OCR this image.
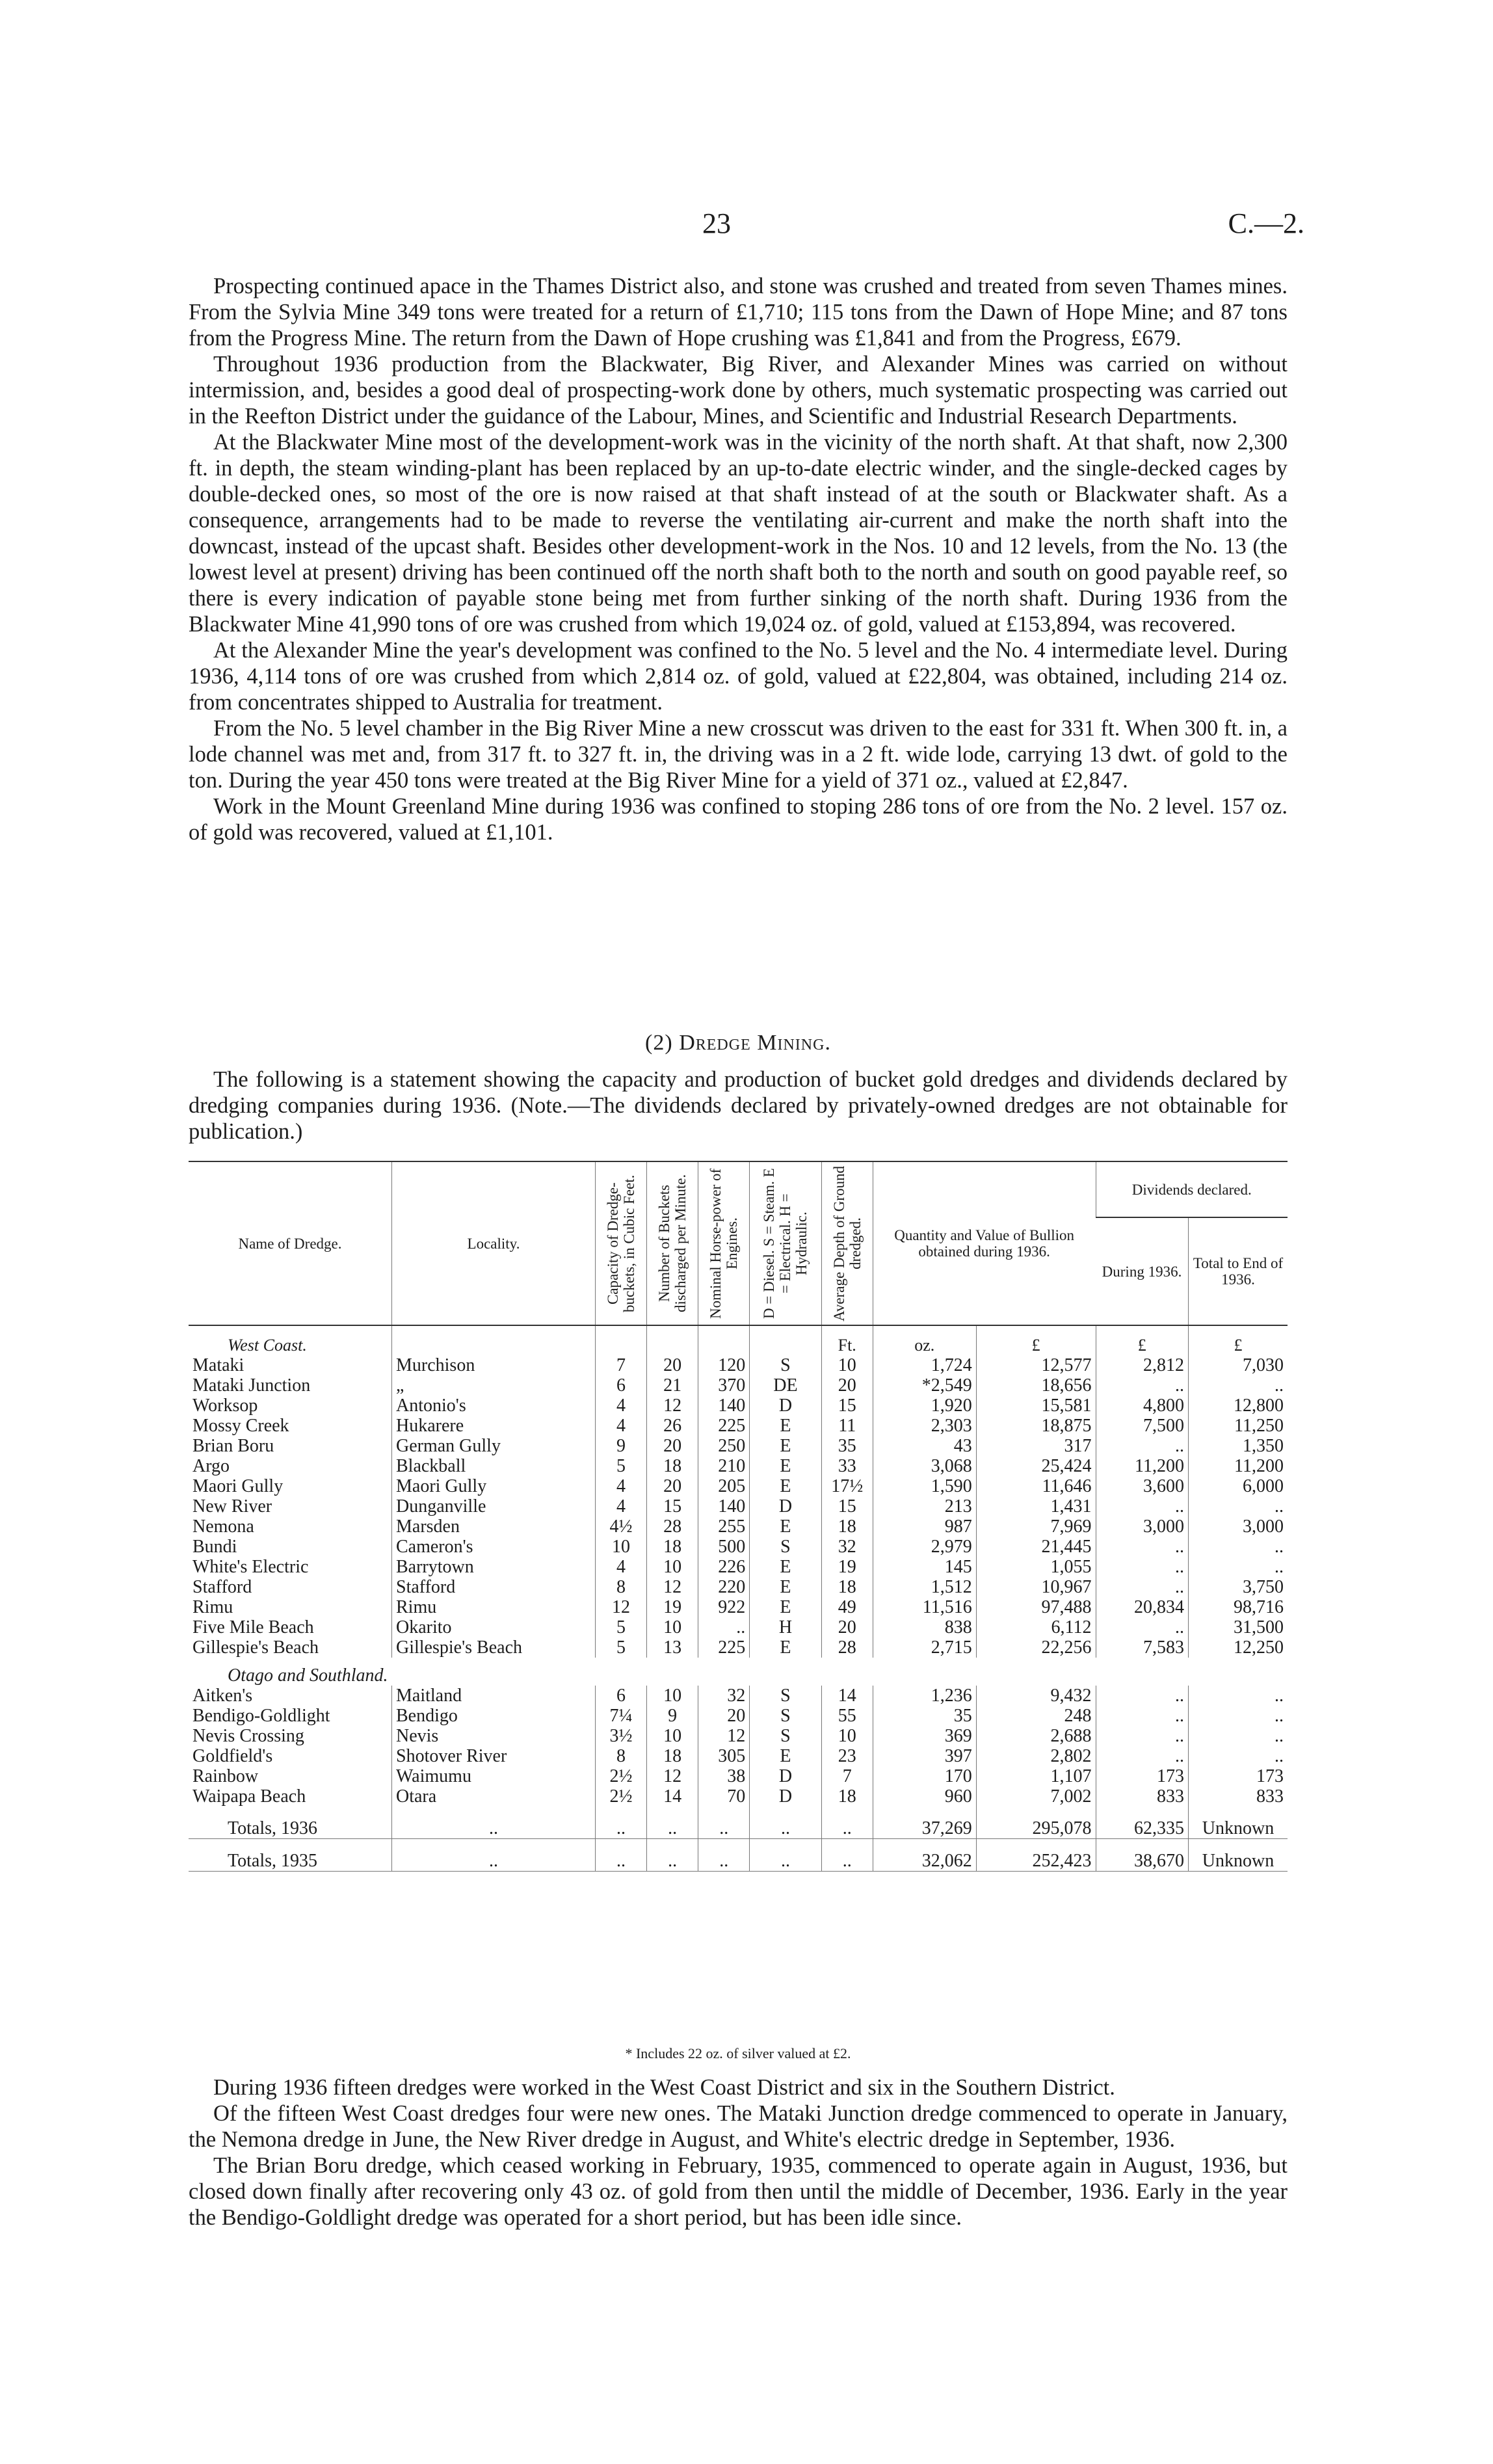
23	C.—2.

Prospecting continued apace in the Thames District also, and stone was crushed and treated from seven Thames mines. From the Sylvia Mine 349 tons were treated for a return of £1,710; 115 tons from the Dawn of Hope Mine; and 87 tons from the Progress Mine. The return from the Dawn of Hope crushing was £1,841 and from the Progress, £679.

Throughout 1936 production from the Blackwater, Big River, and Alexander Mines was carried on without intermission, and, besides a good deal of prospecting-work done by others, much systematic prospecting was carried out in the Reefton District under the guidance of the Labour, Mines, and Scientific and Industrial Research Departments.

At the Blackwater Mine most of the development-work was in the vicinity of the north shaft. At that shaft, now 2,300 ft. in depth, the steam winding-plant has been replaced by an up-to-date electric winder, and the single-decked cages by double-decked ones, so most of the ore is now raised at that shaft instead of at the south or Blackwater shaft. As a consequence, arrangements had to be made to reverse the ventilating air-current and make the north shaft into the downcast, instead of the upcast shaft. Besides other development-work in the Nos. 10 and 12 levels, from the No. 13 (the lowest level at present) driving has been continued off the north shaft both to the north and south on good payable reef, so there is every indication of payable stone being met from further sinking of the north shaft. During 1936 from the Blackwater Mine 41,990 tons of ore was crushed from which 19,024 oz. of gold, valued at £153,894, was recovered.

At the Alexander Mine the year's development was confined to the No. 5 level and the No. 4 intermediate level. During 1936, 4,114 tons of ore was crushed from which 2,814 oz. of gold, valued at £22,804, was obtained, including 214 oz. from concentrates shipped to Australia for treatment.

From the No. 5 level chamber in the Big River Mine a new crosscut was driven to the east for 331 ft. When 300 ft. in, a lode channel was met and, from 317 ft. to 327 ft. in, the driving was in a 2 ft. wide lode, carrying 13 dwt. of gold to the ton. During the year 450 tons were treated at the Big River Mine for a yield of 371 oz., valued at £2,847.

Work in the Mount Greenland Mine during 1936 was confined to stoping 286 tons of ore from the No. 2 level. 157 oz. of gold was recovered, valued at £1,101.

(2) Dredge Mining.

The following is a statement showing the capacity and production of bucket gold dredges and dividends declared by dredging companies during 1936. (Note.—The dividends declared by privately-owned dredges are not obtainable for publication.)

Name of Dredge.	Locality.	Capacity of Dredge-buckets, in Cubic Feet.	Number of Buckets discharged per Minute.	Nominal Horse-power of Engines.	D = Diesel. S = Steam. E = Electrical. H = Hydraulic.	Average Depth of Ground dredged.	Quantity and Value of Bullion obtained during 1936.		Dividends declared.	
									During 1936.	Total to End of 1936.
West Coast.						Ft.	oz.	£	£	£
Mataki	Murchison	7	20	120	S	10	1,724	12,577	2,812	7,030
Mataki Junction	„	6	21	370	DE	20	*2,549	18,656	..	..
Worksop	Antonio's	4	12	140	D	15	1,920	15,581	4,800	12,800
Mossy Creek	Hukarere	4	26	225	E	11	2,303	18,875	7,500	11,250
Brian Boru	German Gully	9	20	250	E	35	43	317	..	1,350
Argo	Blackball	5	18	210	E	33	3,068	25,424	11,200	11,200
Maori Gully	Maori Gully	4	20	205	E	17½	1,590	11,646	3,600	6,000
New River	Dunganville	4	15	140	D	15	213	1,431	..	..
Nemona	Marsden	4½	28	255	E	18	987	7,969	3,000	3,000
Bundi	Cameron's	10	18	500	S	32	2,979	21,445	..	..
White's Electric	Barrytown	4	10	226	E	19	145	1,055	..	..
Stafford	Stafford	8	12	220	E	18	1,512	10,967	..	3,750
Rimu	Rimu	12	19	922	E	49	11,516	97,488	20,834	98,716
Five Mile Beach	Okarito	5	10	..	H	20	838	6,112	..	31,500
Gillespie's Beach	Gillespie's Beach	5	13	225	E	28	2,715	22,256	7,583	12,250
Otago and Southland.										
Aitken's	Maitland	6	10	32	S	14	1,236	9,432	..	..
Bendigo-Goldlight	Bendigo	7¼	9	20	S	55	35	248	..	..
Nevis Crossing	Nevis	3½	10	12	S	10	369	2,688	..	..
Goldfield's	Shotover River	8	18	305	E	23	397	2,802	..	..
Rainbow	Waimumu	2½	12	38	D	7	170	1,107	173	173
Waipapa Beach	Otara	2½	14	70	D	18	960	7,002	833	833
Totals, 1936	..	..	..	..	..	..	37,269	295,078	62,335	Unknown
Totals, 1935	..	..	..	..	..	..	32,062	252,423	38,670	Unknown
* Includes 22 oz. of silver valued at £2.

During 1936 fifteen dredges were worked in the West Coast District and six in the Southern District.

Of the fifteen West Coast dredges four were new ones. The Mataki Junction dredge commenced to operate in January, the Nemona dredge in June, the New River dredge in August, and White's electric dredge in September, 1936.

The Brian Boru dredge, which ceased working in February, 1935, commenced to operate again in August, 1936, but closed down finally after recovering only 43 oz. of gold from then until the middle of December, 1936. Early in the year the Bendigo-Goldlight dredge was operated for a short period, but has been idle since.
